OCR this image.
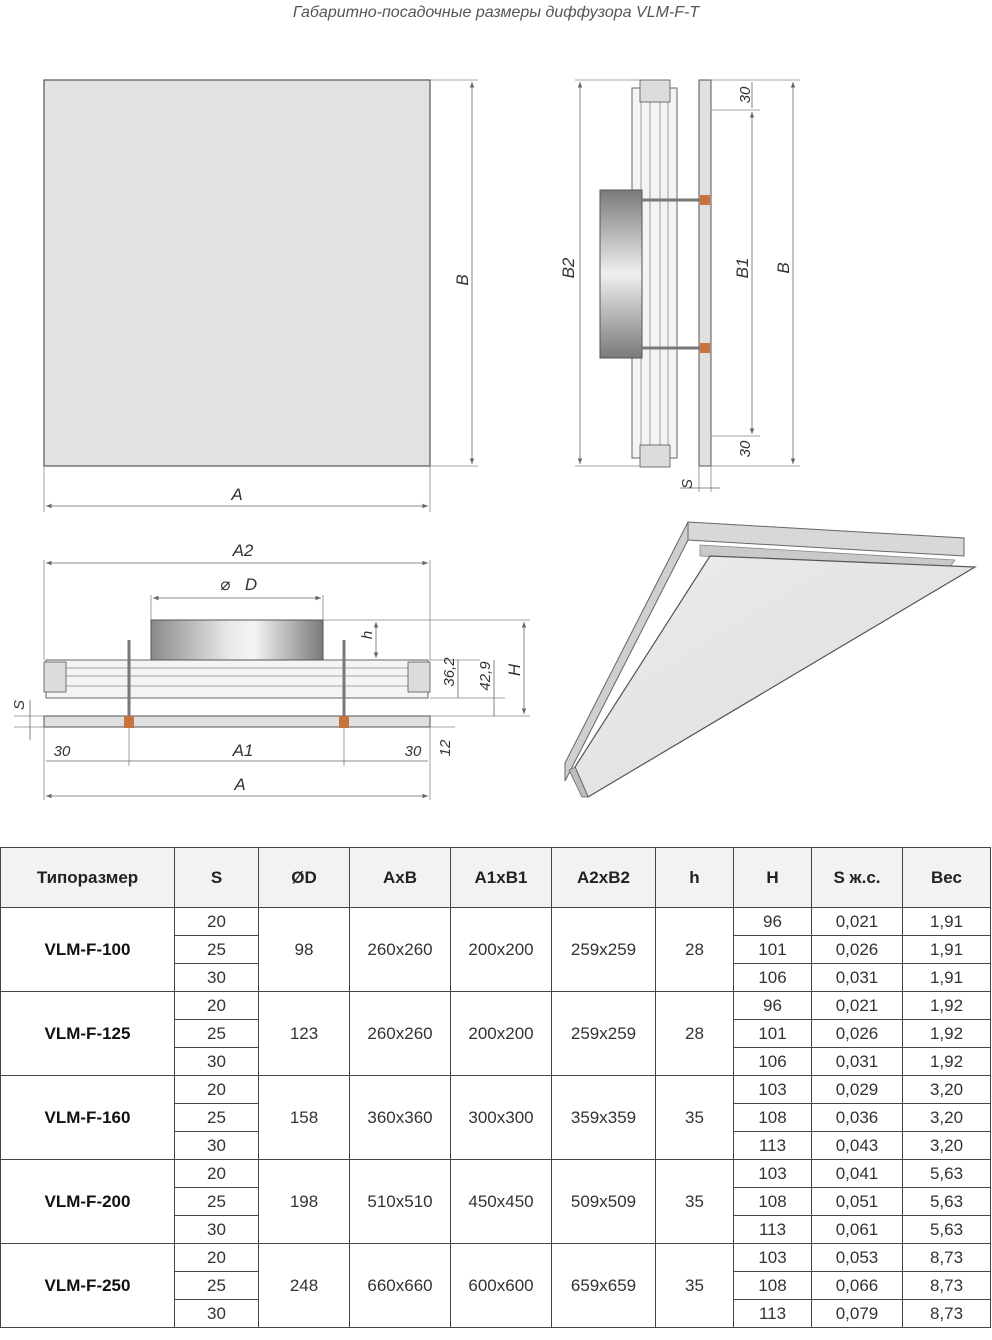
Габаритно-посадочные размеры диффузора VLM-F-T
B
A
B2	B1 B
30
30
S
A2
⌀ D
h
36,2 42,9 H
S
12
30	A1	30
A
Типоразмер	S	ØD	AxB	A1xB1	A2xB2	h	H	S ж.с.	Вес
VLM-F-100	20	98	260x260	200x200	259x259	28	96	0,021	1,91
	25						101	0,026	1,91
	30						106	0,031	1,91
VLM-F-125	20	123	260x260	200x200	259x259	28	96	0,021	1,92
	25						101	0,026	1,92
	30						106	0,031	1,92
VLM-F-160	20	158	360x360	300x300	359x359	35	103	0,029	3,20
	25						108	0,036	3,20
	30						113	0,043	3,20
VLM-F-200	20	198	510x510	450x450	509x509	35	103	0,041	5,63
	25						108	0,051	5,63
	30						113	0,061	5,63
VLM-F-250	20	248	660x660	600x600	659x659	35	103	0,053	8,73
	25						108	0,066	8,73
	30						113	0,079	8,73
